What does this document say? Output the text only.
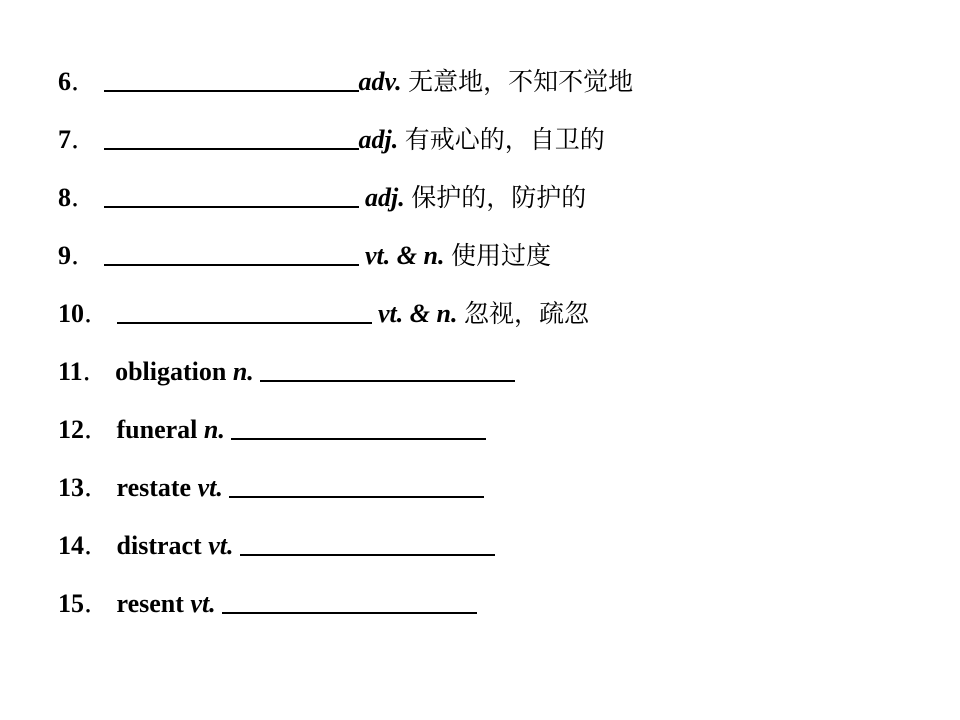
6．	adv. 无意地，不知不觉地
7．	adj. 有戒心的，自卫的
8．	adj. 保护的，防护的
9．	vt. & n. 使用过度
10．	vt. & n. 忽视，疏忽
11． obligation n.
12． funeral n.
13． restate vt.
14． distract vt.
15． resent vt.
